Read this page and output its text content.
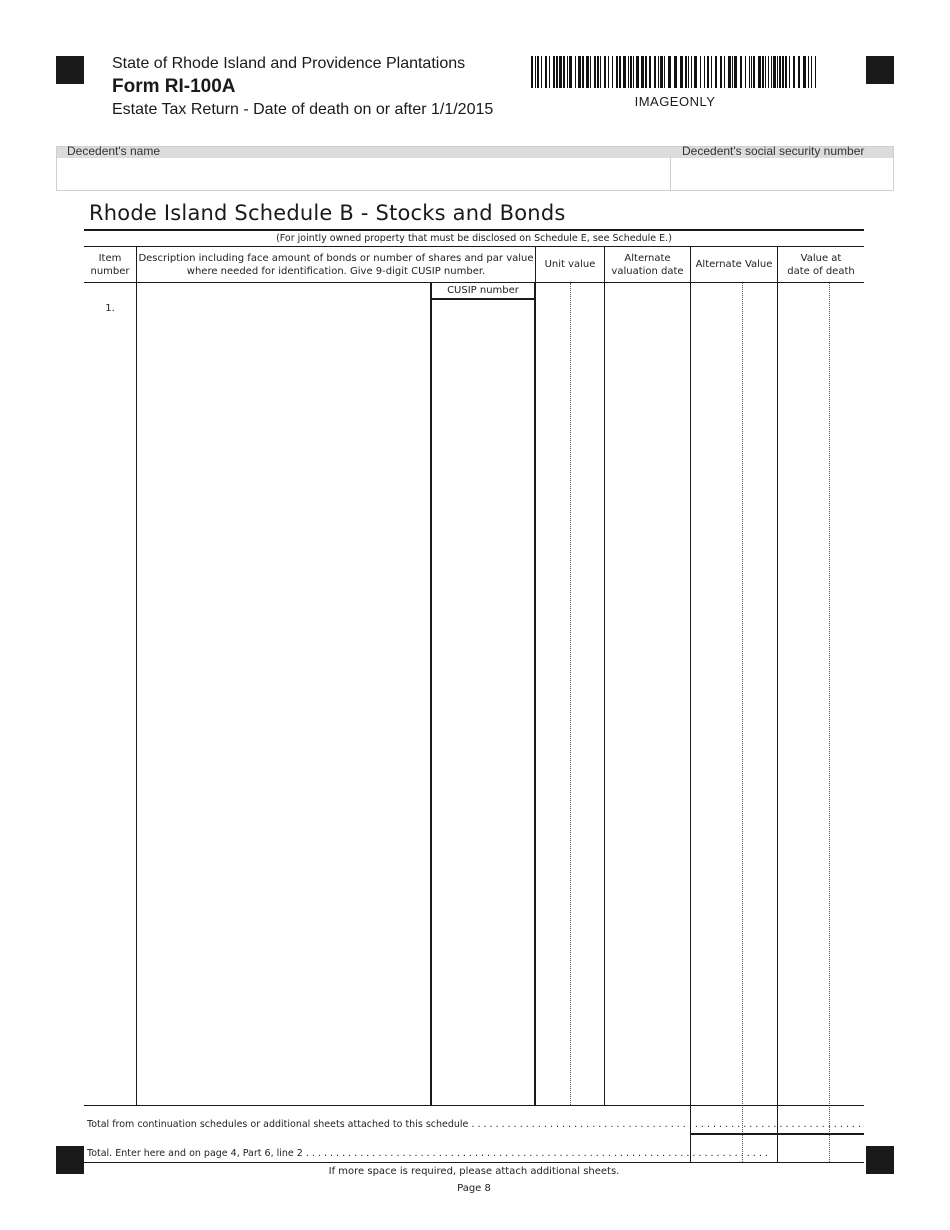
State of Rhode Island and Providence Plantations
Form RI-100A
Estate Tax Return - Date of death on or after 1/1/2015	IMAGEONLY
Decedent's name	Decedent's social security number
Rhode Island Schedule B - Stocks and Bonds
(For jointly owned property that must be disclosed on Schedule E, see Schedule E.)
Item
number
Description including face amount of bonds or number of shares and par value
where needed for identification. Give 9-digit CUSIP number.
Unit value
Alternate
valuation date
Alternate Value
Value at
date of death
CUSIP number
1.
Total from continuation schedules or additional sheets attached to this schedule . . . . . . . . . . . . . . . . . . . . . . . . . . . . . . . . . . . . . . . . . . . . . . . . . . . . . . . . . . . . . . . . .
Total. Enter here and on page 4, Part 6, line 2 . . . . . . . . . . . . . . . . . . . . . . . . . . . . . . . . . . . . . . . . . . . . . . . . . . . . . . . . . . . . . . . . . . . . . . . . . . . . .
If more space is required, please attach additional sheets.
Page 8
